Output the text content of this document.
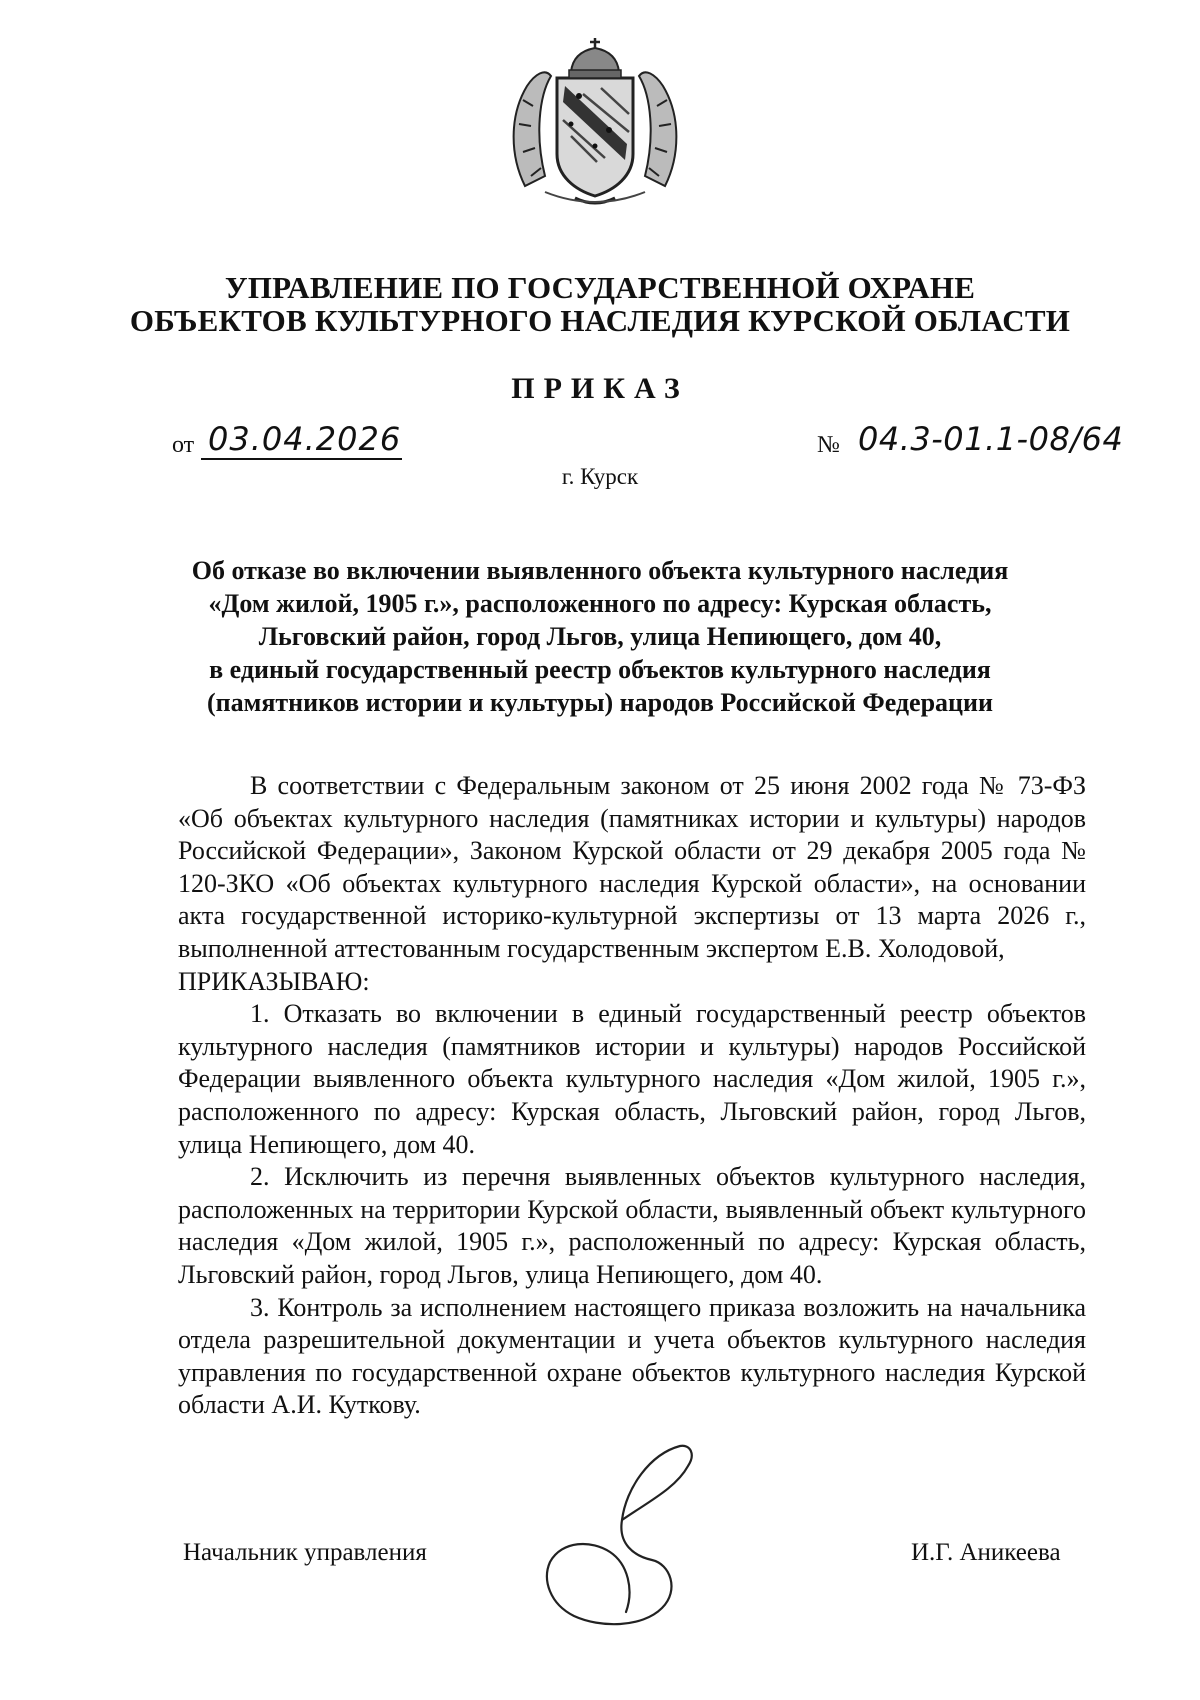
УПРАВЛЕНИЕ ПО ГОСУДАРСТВЕННОЙ ОХРАНЕ
ОБЪЕКТОВ КУЛЬТУРНОГО НАСЛЕДИЯ КУРСКОЙ ОБЛАСТИ
ПРИКАЗ
от 03.04.2026	№ 04.3-01.1-08/64
г. Курск
Об отказе во включении выявленного объекта культурного наследия
«Дом жилой, 1905 г.», расположенного по адресу: Курская область,
Льговский район, город Льгов, улица Непиющего, дом 40,
в единый государственный реестр объектов культурного наследия
(памятников истории и культуры) народов Российской Федерации

В соответствии с Федеральным законом от 25 июня 2002 года № 73-ФЗ «Об объектах культурного наследия (памятниках истории и культуры) народов Российской Федерации», Законом Курской области от 29 декабря 2005 года № 120-ЗКО «Об объектах культурного наследия Курской области», на основании акта государственной историко-культурной экспертизы от 13 марта 2026 г., выполненной аттестованным государственным экспертом Е.В. Холодовой,

ПРИКАЗЫВАЮ:

1. Отказать во включении в единый государственный реестр объектов культурного наследия (памятников истории и культуры) народов Российской Федерации выявленного объекта культурного наследия «Дом жилой, 1905 г.», расположенного по адресу: Курская область, Льговский район, город Льгов, улица Непиющего, дом 40.

2. Исключить из перечня выявленных объектов культурного наследия, расположенных на территории Курской области, выявленный объект культурного наследия «Дом жилой, 1905 г.», расположенный по адресу: Курская область, Льговский район, город Льгов, улица Непиющего, дом 40.

3. Контроль за исполнением настоящего приказа возложить на начальника отдела разрешительной документации и учета объектов культурного наследия управления по государственной охране объектов культурного наследия Курской области А.И. Куткову.

Начальник управления	И.Г. Аникеева
